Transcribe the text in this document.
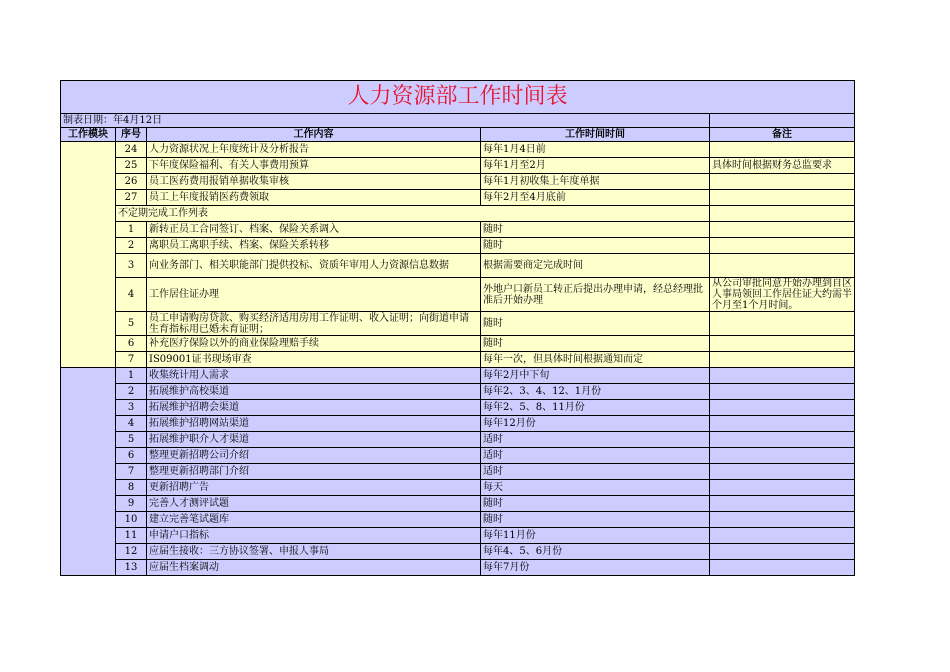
人力资源部工作时间表				
制表日期：年4月12日				
工作模块	序号	工作内容	工作时间时间	备注
	24	人力资源状况上年度统计及分析报告	每年1月4日前	
	25	下年度保险福利、有关人事费用预算	每年1月至2月	具体时间根据财务总监要求
	26	员工医药费用报销单据收集审核	每年1月初收集上年度单据	
	27	员工上年度报销医药费领取	每年2月至4月底前	
	不定期完成工作列表			
	1	新转正员工合同签订、档案、保险关系调入	随时	
	2	离职员工离职手续、档案、保险关系转移	随时	
	3	向业务部门、相关职能部门提供投标、资质年审用人力资源信息数据	根据需要商定完成时间	
	4	工作居住证办理	外地户口新员工转正后提出办理申请，经总经理批准后开始办理	从公司审批同意开始办理到自区人事局领回工作居住证大约需半个月至1个月时间。
	5	员工申请购房贷款、购买经济适用房用工作证明、收入证明；向街道申请生育指标用已婚未育证明；	随时	
	6	补充医疗保险以外的商业保险理赔手续	随时	
	7	IS09001证书现场审查	每年一次，但具体时间根据通知而定	
	1	收集统计用人需求	每年2月中下旬	
	2	拓展维护高校渠道	每年2、3、4、12、1月份	
	3	拓展维护招聘会渠道	每年2、5、8、11月份	
	4	拓展维护招聘网站渠道	每年12月份	
	5	拓展维护职介人才渠道	适时	
	6	整理更新招聘公司介绍	适时	
	7	整理更新招聘部门介绍	适时	
	8	更新招聘广告	每天	
	9	完善人才测评试题	随时	
	10	建立完善笔试题库	随时	
	11	申请户口指标	每年11月份	
	12	应届生接收：三方协议签署、申报人事局	每年4、5、6月份	
	13	应届生档案调动	每年7月份	
